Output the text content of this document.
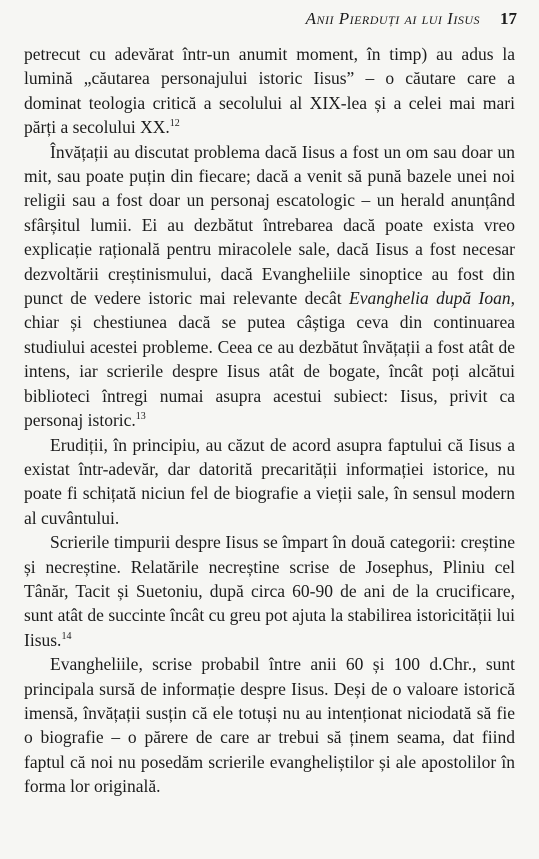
Anii Pierduți ai lui Iisus 17

petrecut cu adevărat într-un anumit moment, în timp) au adus la lumină „căutarea personajului istoric Iisus” – o căutare care a dominat teologia critică a secolului al XIX-lea și a celei mai mari părți a secolului XX.$^{12}$

Învățații au discutat problema dacă Iisus a fost un om sau doar un mit, sau poate puțin din fiecare; dacă a venit să pună bazele unei noi religii sau a fost doar un personaj escatologic – un herald anunțând sfârșitul lumii. Ei au dezbătut întrebarea dacă poate exista vreo explicație rațională pentru miracolele sale, dacă Iisus a fost necesar dezvoltării creștinismului, dacă Evangheliile sinoptice au fost din punct de vedere istoric mai relevante decât Evanghelia după Ioan, chiar și chestiunea dacă se putea câștiga ceva din continuarea studiului acestei probleme. Ceea ce au dezbătut învățații a fost atât de intens, iar scrierile despre Iisus atât de bogate, încât poți alcătui biblioteci întregi numai asupra acestui subiect: Iisus, privit ca personaj istoric.$^{13}$

Erudiții, în principiu, au căzut de acord asupra faptului că Iisus a existat într-adevăr, dar datorită precarității informației istorice, nu poate fi schițată niciun fel de biografie a vieții sale, în sensul modern al cuvântului.

Scrierile timpurii despre Iisus se împart în două categorii: creștine și necreștine. Relatările necreștine scrise de Josephus, Pliniu cel Tânăr, Tacit și Suetoniu, după circa 60-90 de ani de la crucificare, sunt atât de succinte încât cu greu pot ajuta la stabilirea istoricității lui Iisus.$^{14}$

Evangheliile, scrise probabil între anii 60 și 100 d.Chr., sunt principala sursă de informație despre Iisus. Deși de o valoare istorică imensă, învățații susțin că ele totuși nu au intenționat niciodată să fie o biografie – o părere de care ar trebui să ținem seama, dat fiind faptul că noi nu posedăm scrierile evangheliștilor și ale apostolilor în forma lor originală.
